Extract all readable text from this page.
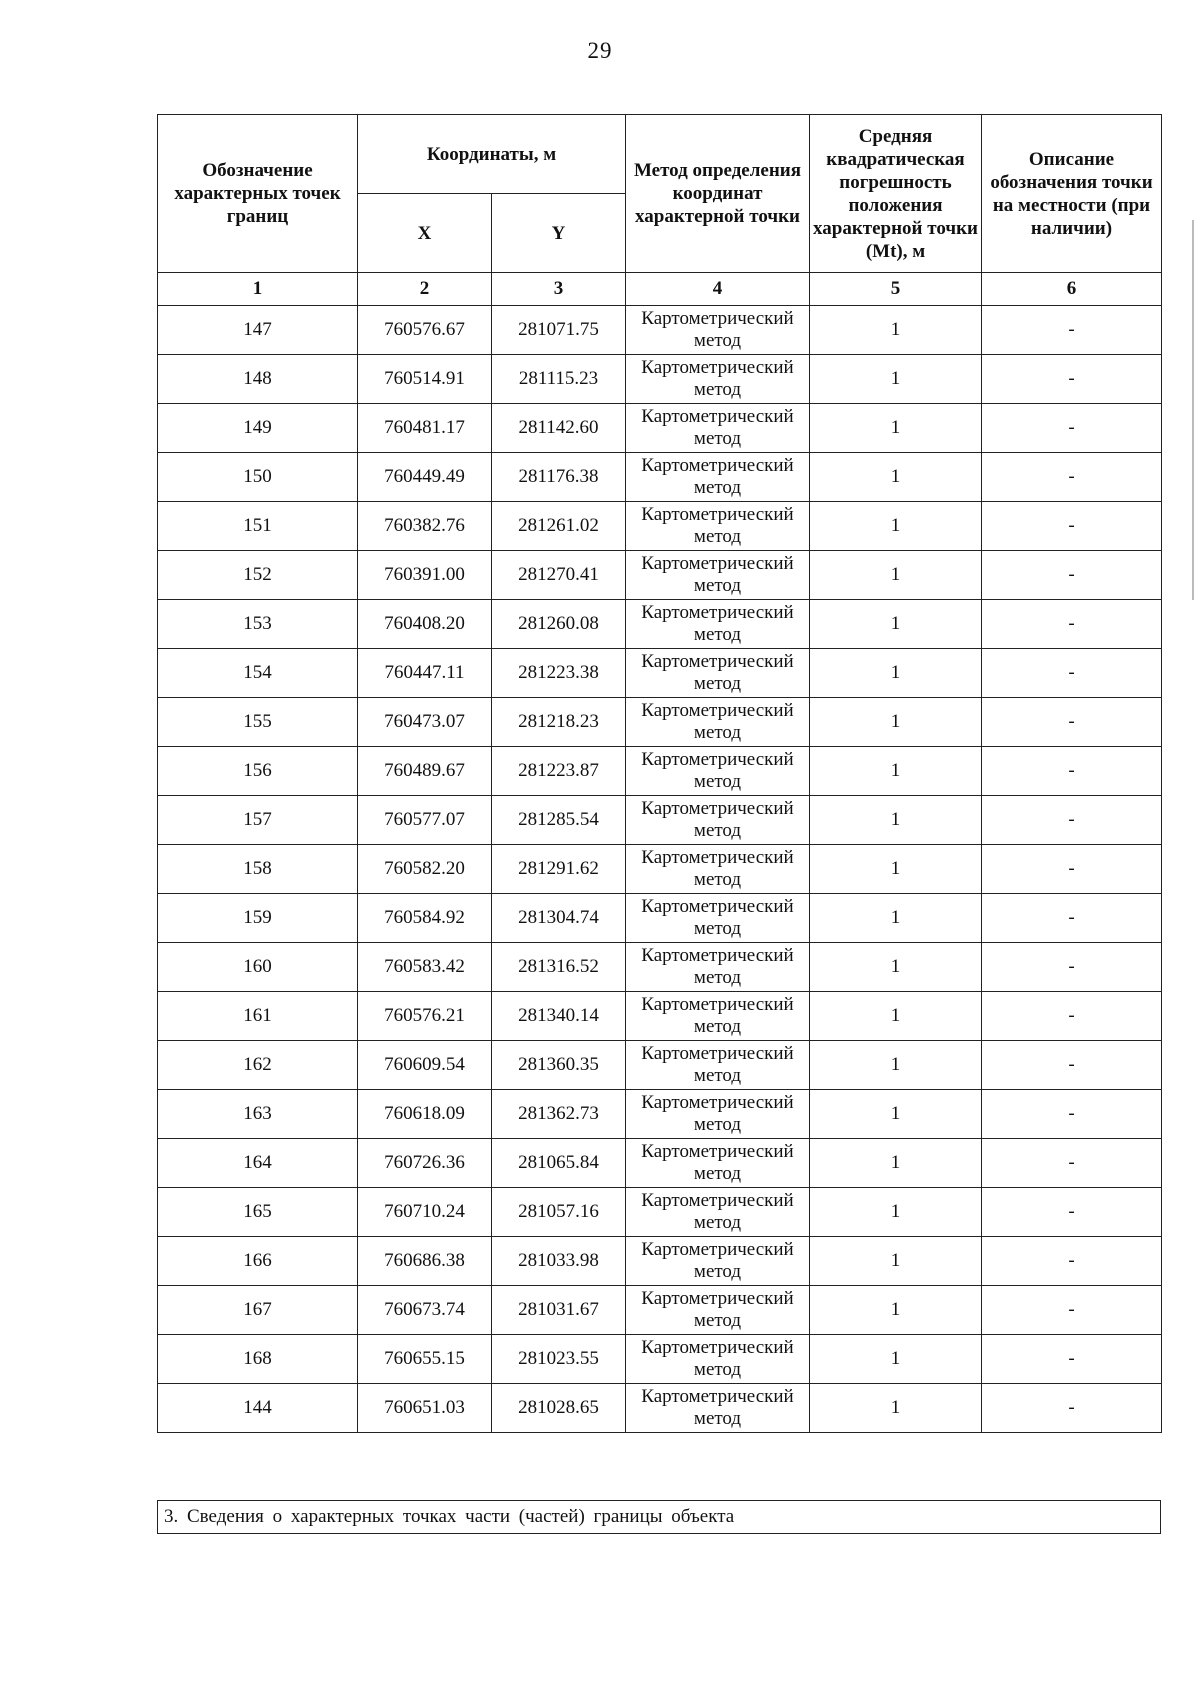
29
Обозначение характерных точек границ	Координаты, м		Метод определения координат характерной точки	Средняя квадратическая погрешность положения характерной точки (Mt), м	Описание обозначения точки на местности (при наличии)
	X	Y			
1	2	3	4	5	6
147	760576.67	281071.75	Картометрический метод	1	-
148	760514.91	281115.23	Картометрический метод	1	-
149	760481.17	281142.60	Картометрический метод	1	-
150	760449.49	281176.38	Картометрический метод	1	-
151	760382.76	281261.02	Картометрический метод	1	-
152	760391.00	281270.41	Картометрический метод	1	-
153	760408.20	281260.08	Картометрический метод	1	-
154	760447.11	281223.38	Картометрический метод	1	-
155	760473.07	281218.23	Картометрический метод	1	-
156	760489.67	281223.87	Картометрический метод	1	-
157	760577.07	281285.54	Картометрический метод	1	-
158	760582.20	281291.62	Картометрический метод	1	-
159	760584.92	281304.74	Картометрический метод	1	-
160	760583.42	281316.52	Картометрический метод	1	-
161	760576.21	281340.14	Картометрический метод	1	-
162	760609.54	281360.35	Картометрический метод	1	-
163	760618.09	281362.73	Картометрический метод	1	-
164	760726.36	281065.84	Картометрический метод	1	-
165	760710.24	281057.16	Картометрический метод	1	-
166	760686.38	281033.98	Картометрический метод	1	-
167	760673.74	281031.67	Картометрический метод	1	-
168	760655.15	281023.55	Картометрический метод	1	-
144	760651.03	281028.65	Картометрический метод	1	-
3. Сведения о характерных точках части (частей) границы объекта
